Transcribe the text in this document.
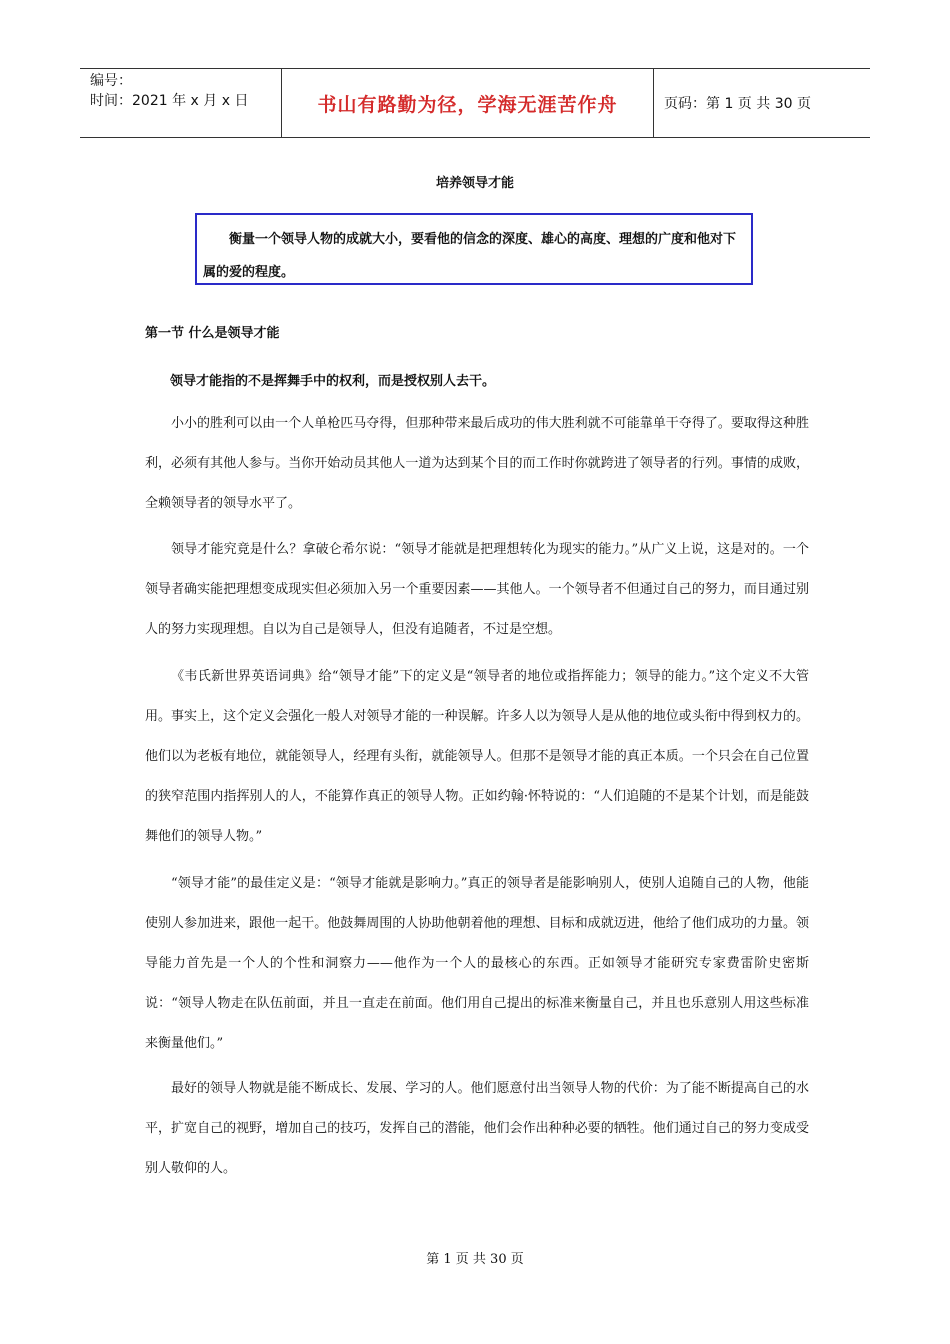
编号：
时间：2021 年 x 月 x 日	书山有路勤为径，学海无涯苦作舟	页码：第 1 页 共 30 页
培养领导才能

衡量一个领导人物的成就大小，要看他的信念的深度、雄心的高度、理想的广度和他对下属的爱的程度。

第一节 什么是领导才能
领导才能指的不是挥舞手中的权利，而是授权别人去干。

小小的胜利可以由一个人单枪匹马夺得，但那种带来最后成功的伟大胜利就不可能靠单干夺得了。要取得这种胜利，必须有其他人参与。当你开始动员其他人一道为达到某个目的而工作时你就跨进了领导者的行列。事情的成败，全赖领导者的领导水平了。

领导才能究竟是什么？拿破仑希尔说：“领导才能就是把理想转化为现实的能力。”从广义上说，这是对的。一个领导者确实能把理想变成现实但必须加入另一个重要因素——其他人。一个领导者不但通过自己的努力，而目通过别人的努力实现理想。自以为自己是领导人，但没有追随者，不过是空想。

《韦氏新世界英语词典》给“领导才能”下的定义是“领导者的地位或指挥能力；领导的能力。”这个定义不大管用。事实上，这个定义会强化一般人对领导才能的一种误解。许多人以为领导人是从他的地位或头衔中得到权力的。他们以为老板有地位，就能领导人，经理有头衔，就能领导人。但那不是领导才能的真正本质。一个只会在自己位置的狭窄范围内指挥别人的人，不能算作真正的领导人物。正如约翰·怀特说的：“人们追随的不是某个计划，而是能鼓舞他们的领导人物。”

“领导才能”的最佳定义是：“领导才能就是影响力。”真正的领导者是能影响别人，使别人追随自己的人物，他能使别人参加进来，跟他一起干。他鼓舞周围的人协助他朝着他的理想、目标和成就迈进，他给了他们成功的力量。领导能力首先是一个人的个性和洞察力——他作为一个人的最核心的东西。正如领导才能研究专家费雷阶史密斯说：“领导人物走在队伍前面，并且一直走在前面。他们用自己提出的标准来衡量自己，并且也乐意别人用这些标准来衡量他们。”

最好的领导人物就是能不断成长、发展、学习的人。他们愿意付出当领导人物的代价：为了能不断提高自己的水平，扩宽自己的视野，增加自己的技巧，发挥自己的潜能，他们会作出种种必要的牺牲。他们通过自己的努力变成受别人敬仰的人。

第 1 页 共 30 页
